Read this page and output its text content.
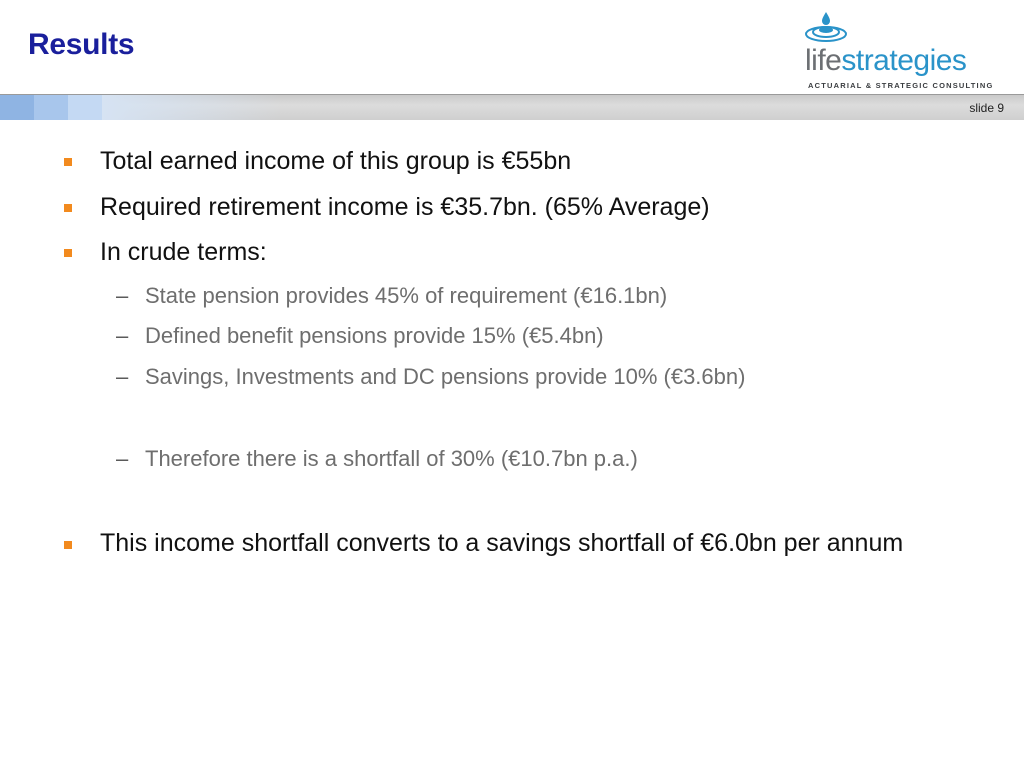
Results	lifestrategies
ACTUARIAL & STRATEGIC CONSULTING
slide 9
Total earned income of this group is €55bn
Required retirement income is €35.7bn. (65% Average)
In crude terms:
– State pension provides 45% of requirement (€16.1bn)
– Defined benefit pensions provide 15% (€5.4bn)
– Savings, Investments and DC pensions provide 10% (€3.6bn)
– Therefore there is a shortfall of 30% (€10.7bn p.a.)
This income shortfall converts to a savings shortfall of €6.0bn per annum
